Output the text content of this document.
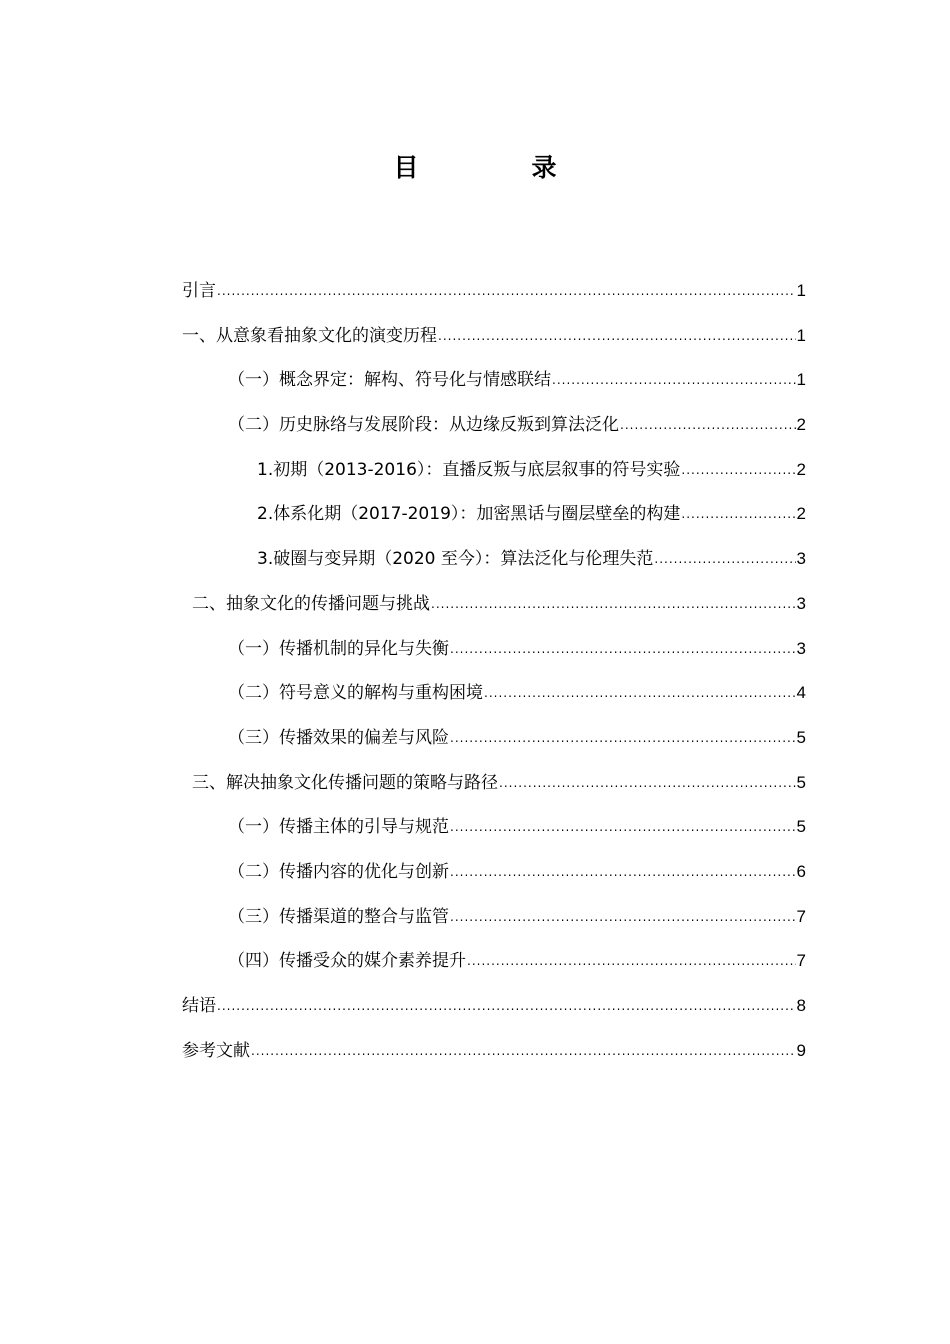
目　录
引言 .....	1
一、从意象看抽象文化的演变历程 .....	1
（一）概念界定：解构、符号化与情感联结 .....	1
（二）历史脉络与发展阶段：从边缘反叛到算法泛化 .....	2
1.初期（2013-2016）：直播反叛与底层叙事的符号实验 .....	2
2.体系化期（2017-2019）：加密黑话与圈层壁垒的构建 .....	2
3.破圈与变异期（2020 至今）：算法泛化与伦理失范 .....	3
二、抽象文化的传播问题与挑战 .....	3
（一）传播机制的异化与失衡 .....	3
（二）符号意义的解构与重构困境 .....	4
（三）传播效果的偏差与风险 .....	5
三、解决抽象文化传播问题的策略与路径 .....	5
（一）传播主体的引导与规范 .....	5
（二）传播内容的优化与创新 .....	6
（三）传播渠道的整合与监管 .....	7
（四）传播受众的媒介素养提升 .....	7
结语 .....	8
参考文献 .....	9
